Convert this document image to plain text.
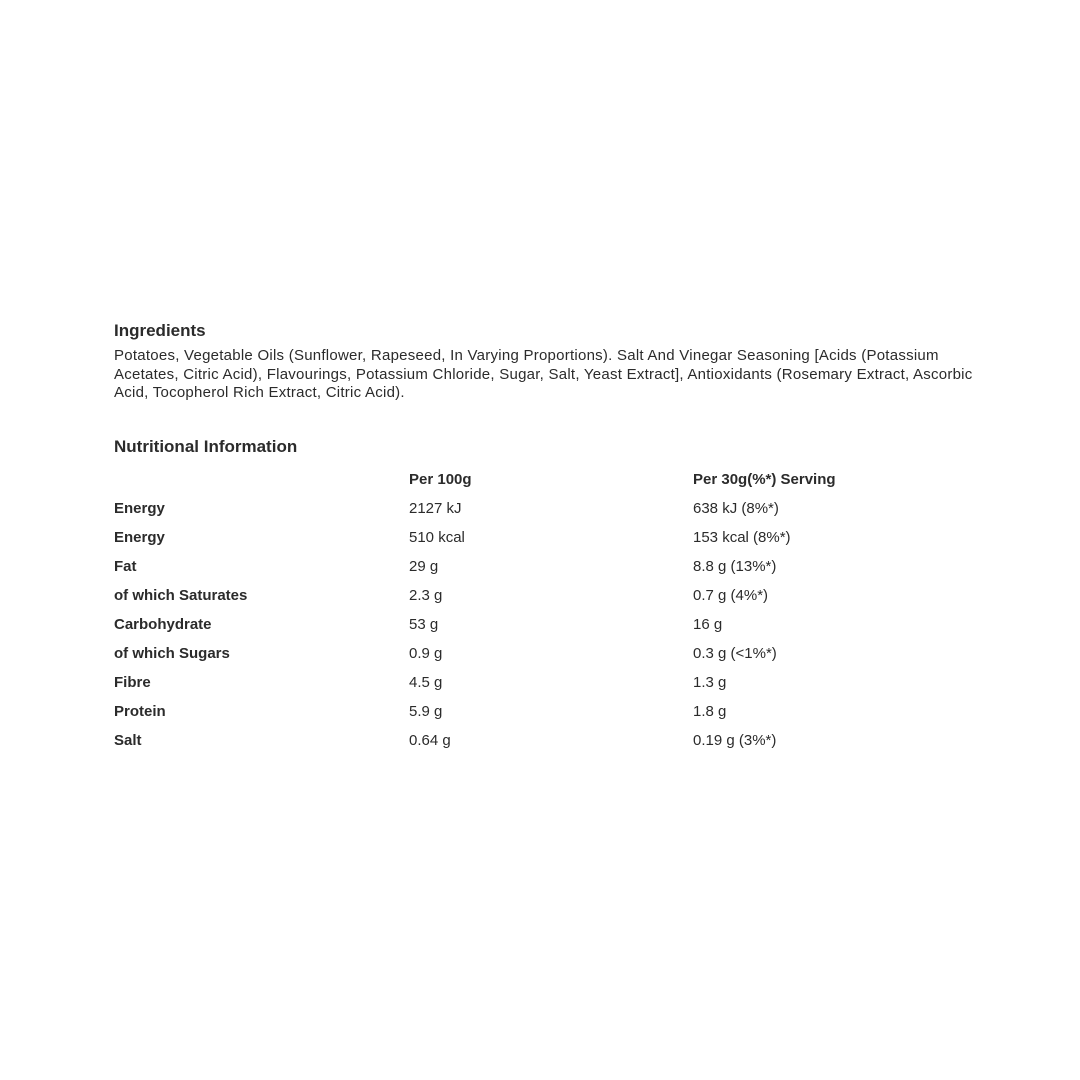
Ingredients

Potatoes, Vegetable Oils (Sunflower, Rapeseed, In Varying Proportions). Salt And Vinegar Seasoning [Acids (Potassium Acetates, Citric Acid), Flavourings, Potassium Chloride, Sugar, Salt, Yeast Extract], Antioxidants (Rosemary Extract, Ascorbic Acid, Tocopherol Rich Extract, Citric Acid).

Nutritional Information
	Per 100g	Per 30g(%*) Serving
Energy	2127 kJ	638 kJ (8%*)
Energy	510 kcal	153 kcal (8%*)
Fat	29 g	8.8 g (13%*)
of which Saturates	2.3 g	0.7 g (4%*)
Carbohydrate	53 g	16 g
of which Sugars	0.9 g	0.3 g (<1%*)
Fibre	4.5 g	1.3 g
Protein	5.9 g	1.8 g
Salt	0.64 g	0.19 g (3%*)
